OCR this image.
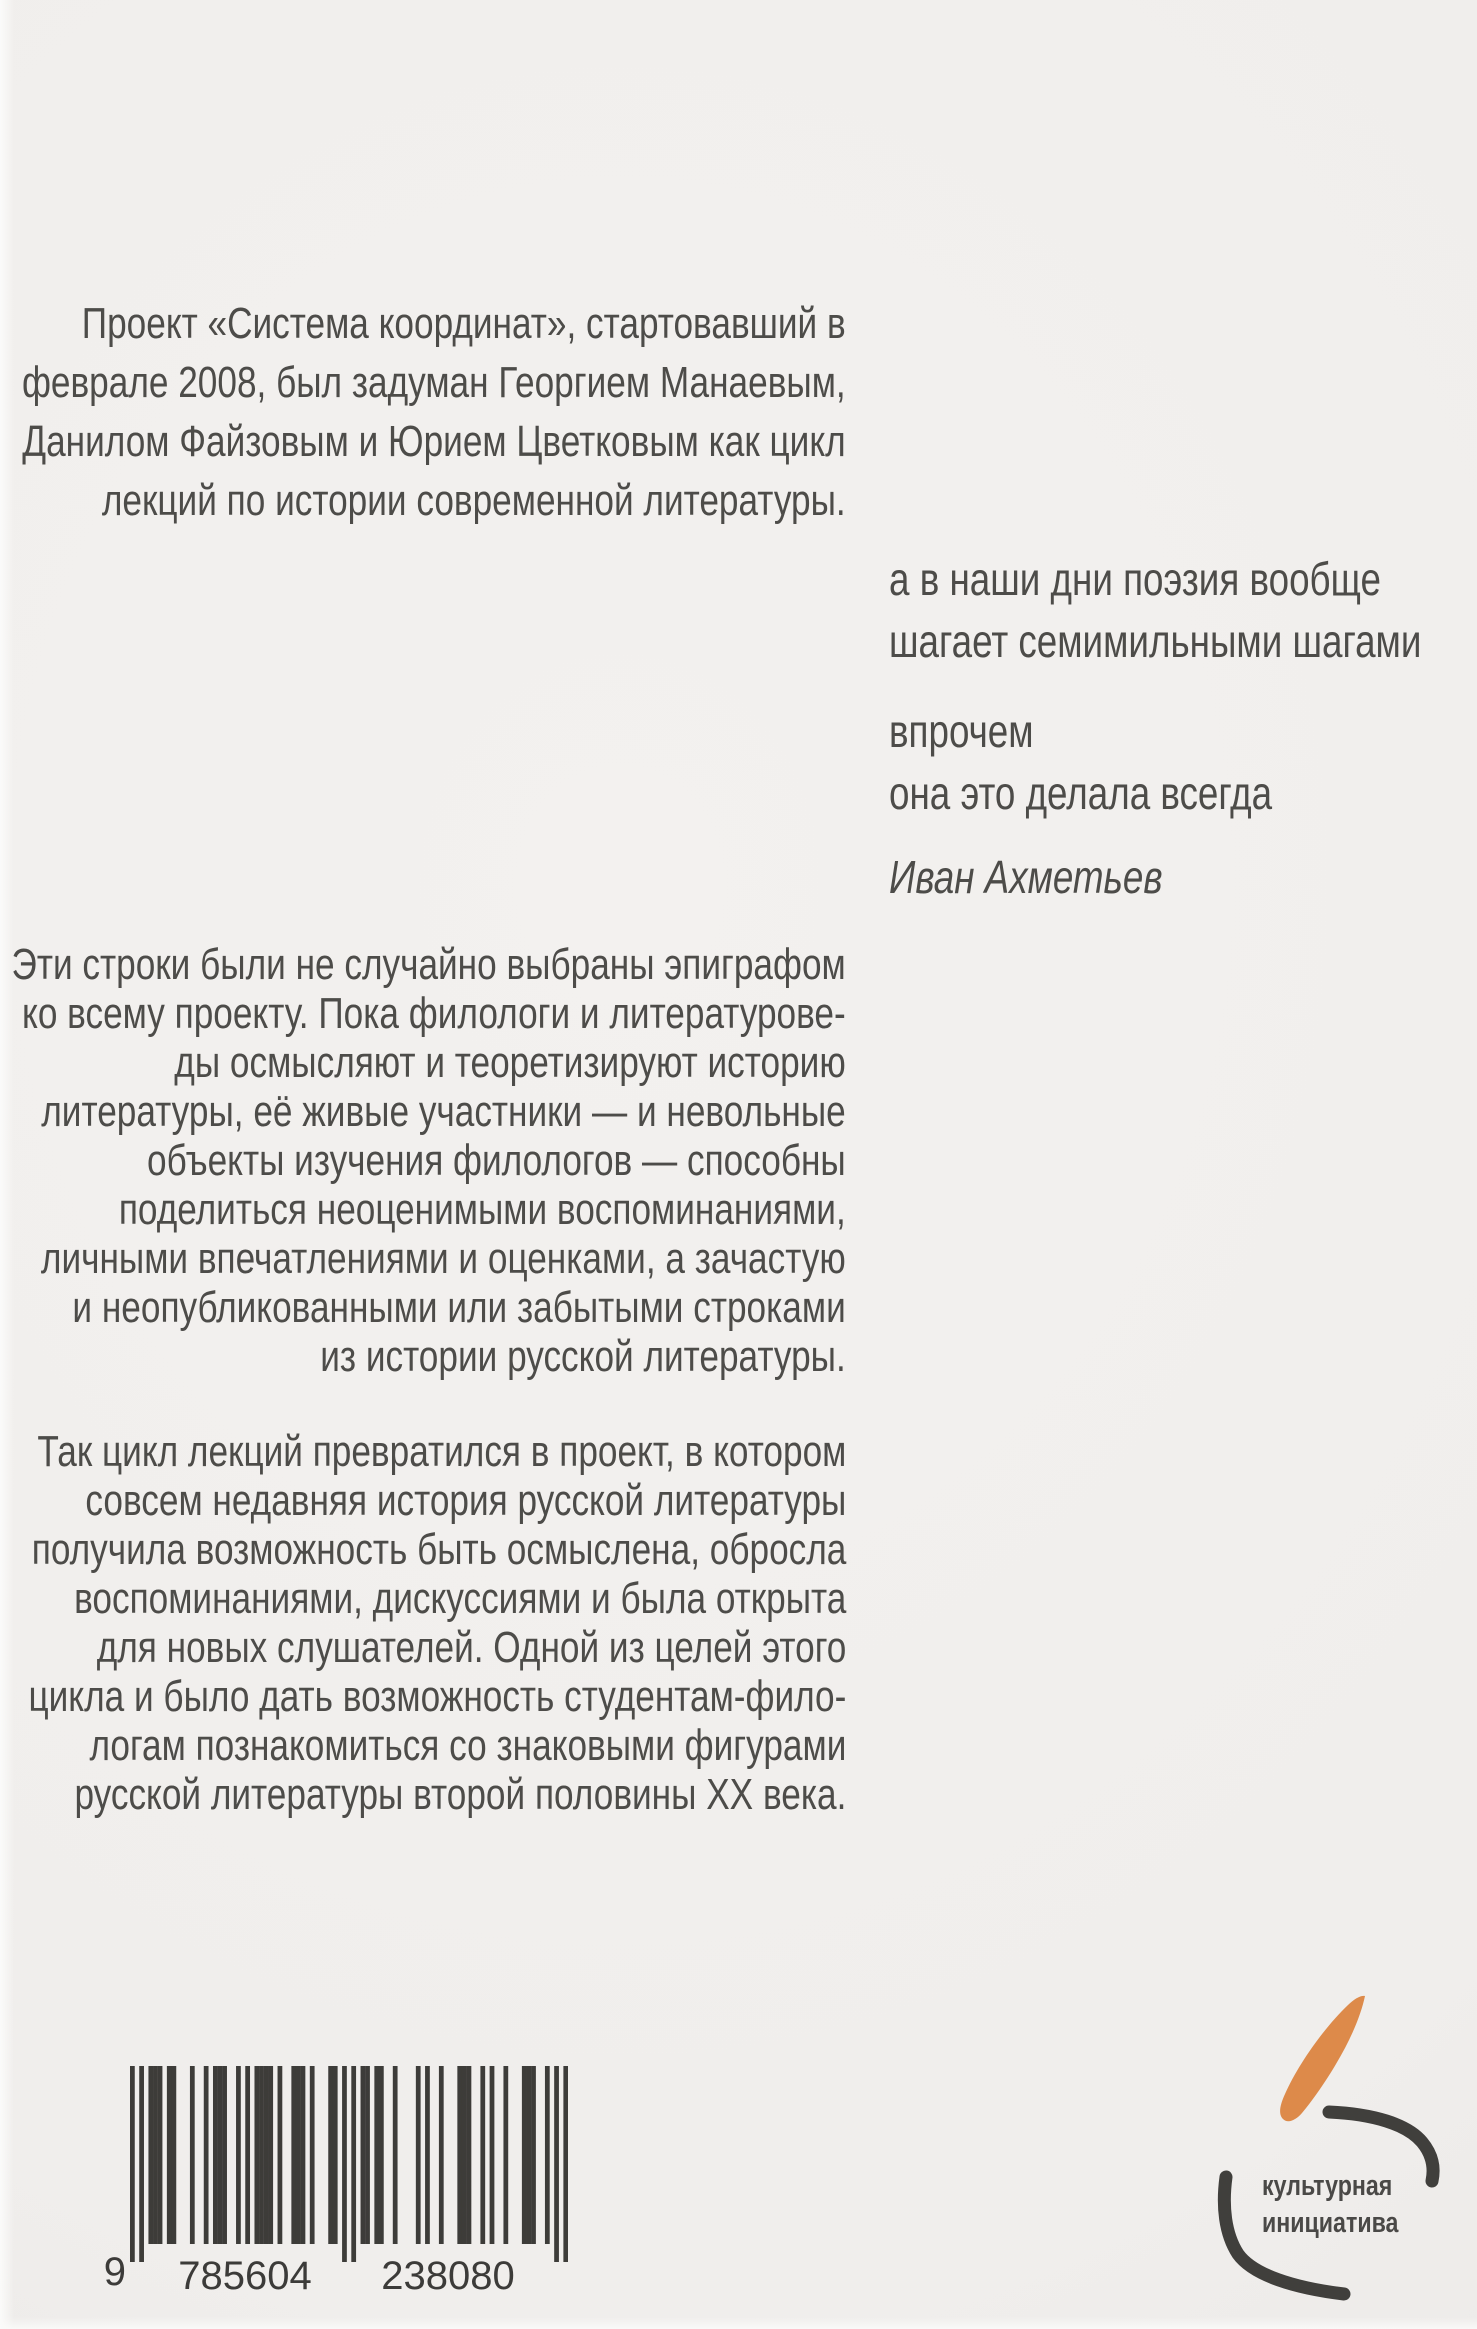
Проект «Система координат», стартовавший в
феврале 2008, был задуман Георгием Манаевым,
Данилом Файзовым и Юрием Цветковым как цикл
лекций по истории современной литературы.
а в наши дни поэзия вообще
шагает семимильными шагами
впрочем
она это делала всегда
Иван Ахметьев
Эти строки были не случайно выбраны эпиграфом
ко всему проекту. Пока филологи и литературове-
ды осмысляют и теоретизируют историю
литературы, её живые участники — и невольные
объекты изучения филологов — способны
поделиться неоценимыми воспоминаниями,
личными впечатлениями и оценками, а зачастую
и неопубликованными или забытыми строками
из истории русской литературы.
Так цикл лекций превратился в проект, в котором
совсем недавняя история русской литературы
получила возможность быть осмыслена, обросла
воспоминаниями, дискуссиями и была открыта
для новых слушателей. Одной из целей этого
цикла и было дать возможность студентам-фило-
логам познакомиться со знаковыми фигурами
русской литературы второй половины XX века.
9	785604	238080
культурная
инициатива
